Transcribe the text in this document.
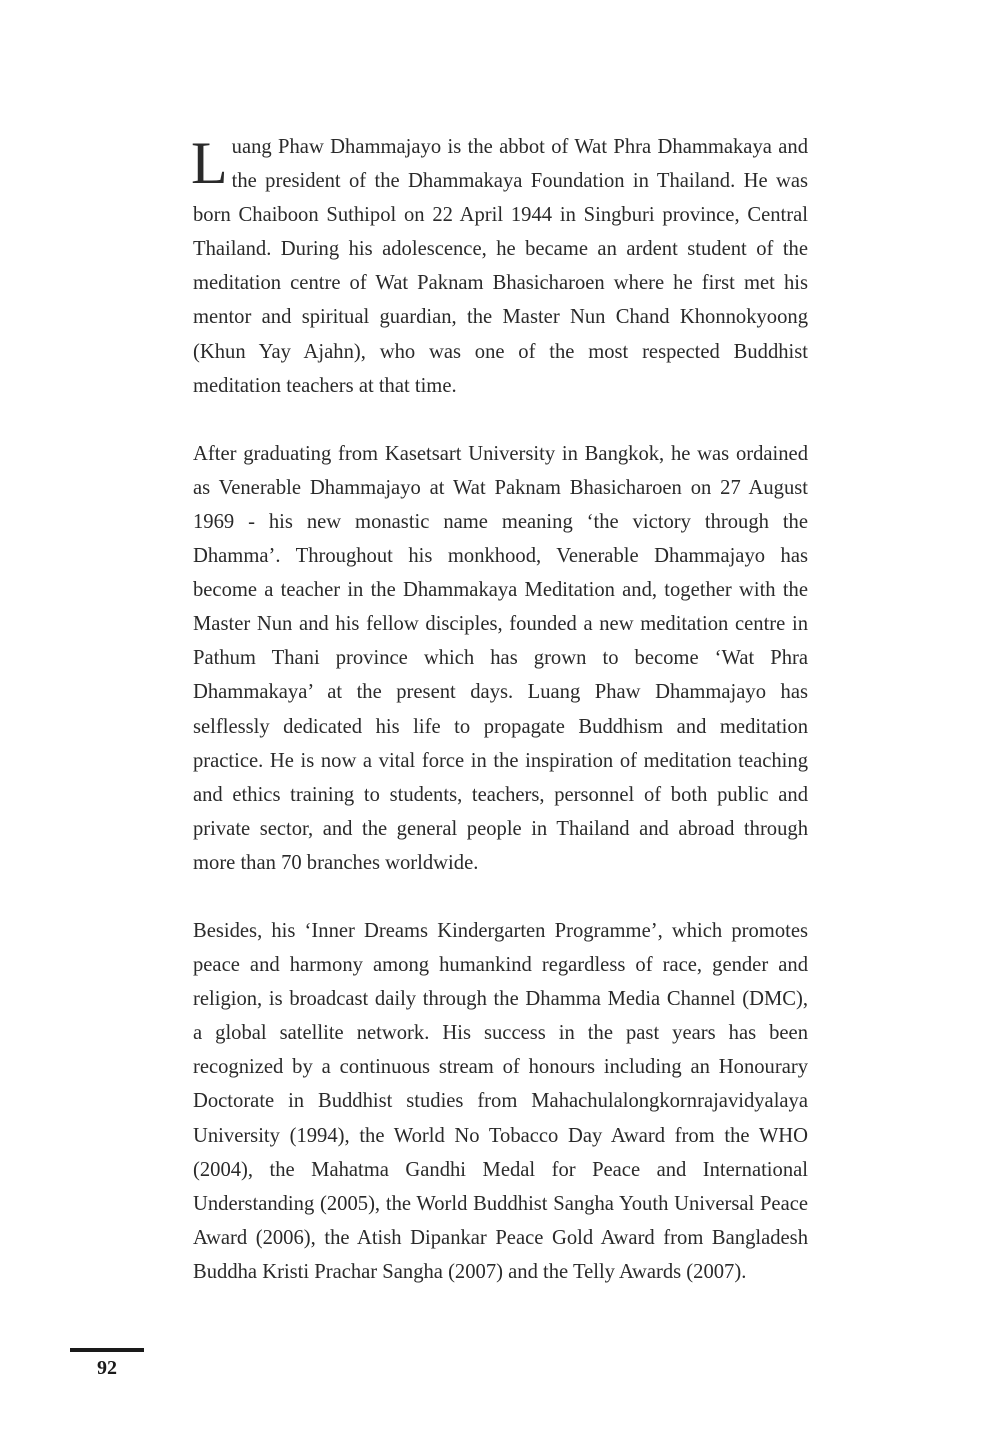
Luang Phaw Dhammajayo is the abbot of Wat Phra Dhammakaya and the president of the Dhammakaya Foundation in Thailand. He was born Chaiboon Suthipol on 22 April 1944 in Singburi province, Central Thailand. During his adolescence, he became an ardent student of the meditation centre of Wat Paknam Bhasicharoen where he first met his mentor and spiritual guardian, the Master Nun Chand Khonnokyoong (Khun Yay Ajahn), who was one of the most respected Buddhist meditation teachers at that time.

After graduating from Kasetsart University in Bangkok, he was ordained as Venerable Dhammajayo at Wat Paknam Bhasicharoen on 27 August 1969 - his new monastic name meaning ‘the victory through the Dhamma’. Throughout his monkhood, Venerable Dhammajayo has become a teacher in the Dhammakaya Meditation and, together with the Master Nun and his fellow disciples, founded a new meditation centre in Pathum Thani province which has grown to become ‘Wat Phra Dhammakaya’ at the present days. Luang Phaw Dhammajayo has selflessly dedicated his life to propagate Buddhism and meditation practice. He is now a vital force in the inspiration of meditation teaching and ethics training to students, teachers, personnel of both public and private sector, and the general people in Thailand and abroad through more than 70 branches worldwide.

Besides, his ‘Inner Dreams Kindergarten Programme’, which promotes peace and harmony among humankind regardless of race, gender and religion, is broadcast daily through the Dhamma Media Channel (DMC), a global satellite network. His success in the past years has been recognized by a continuous stream of honours including an Honourary Doctorate in Buddhist studies from Mahachulalongkornrajavidyalaya University (1994), the World No Tobacco Day Award from the WHO (2004), the Mahatma Gandhi Medal for Peace and International Understanding (2005), the World Buddhist Sangha Youth Universal Peace Award (2006), the Atish Dipankar Peace Gold Award from Bangladesh Buddha Kristi Prachar Sangha (2007) and the Telly Awards (2007).

92
